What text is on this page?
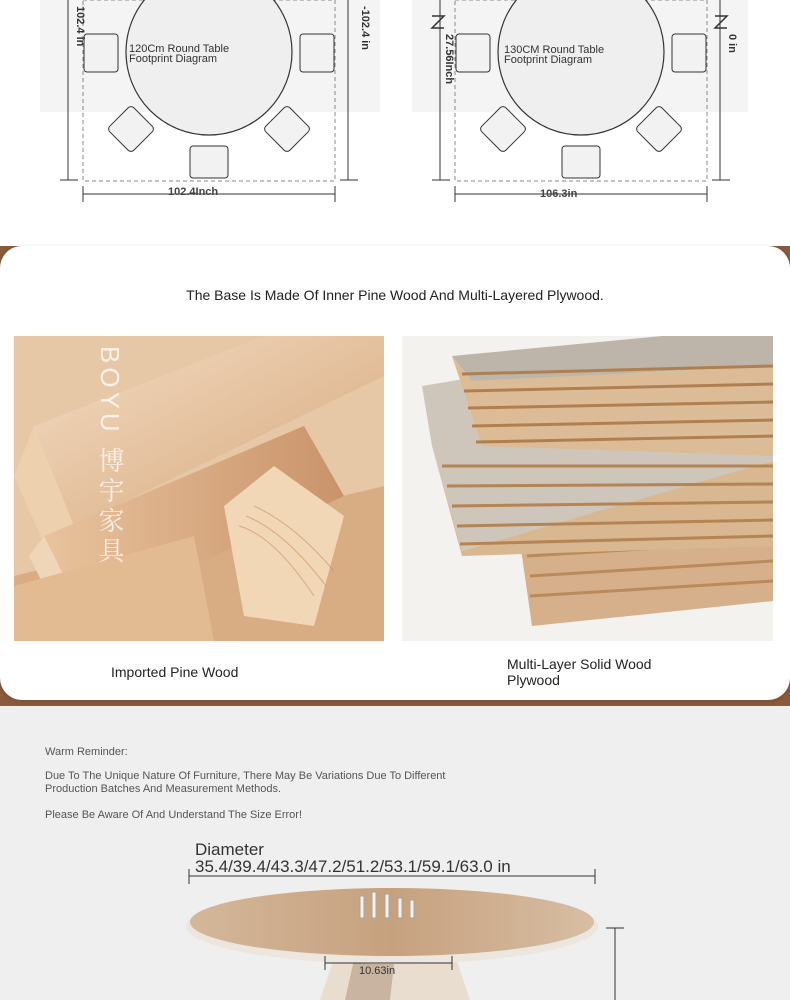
120Cm Round Table
Footprint Diagram
102.4 in	-102.4 in
102.4Inch
130CM Round Table
Footprint Diagram
27.56Inch	0 in
106.3in
The Base Is Made Of Inner Pine Wood And Multi-Layered Plywood.
BOYU 博宇家具
Imported Pine Wood	Multi-Layer Solid Wood
Plywood
Warm Reminder:
Due To The Unique Nature Of Furniture, There May Be Variations Due To Different
Production Batches And Measurement Methods.
Please Be Aware Of And Understand The Size Error!
Diameter
35.4/39.4/43.3/47.2/51.2/53.1/59.1/63.0 in
10.63in
